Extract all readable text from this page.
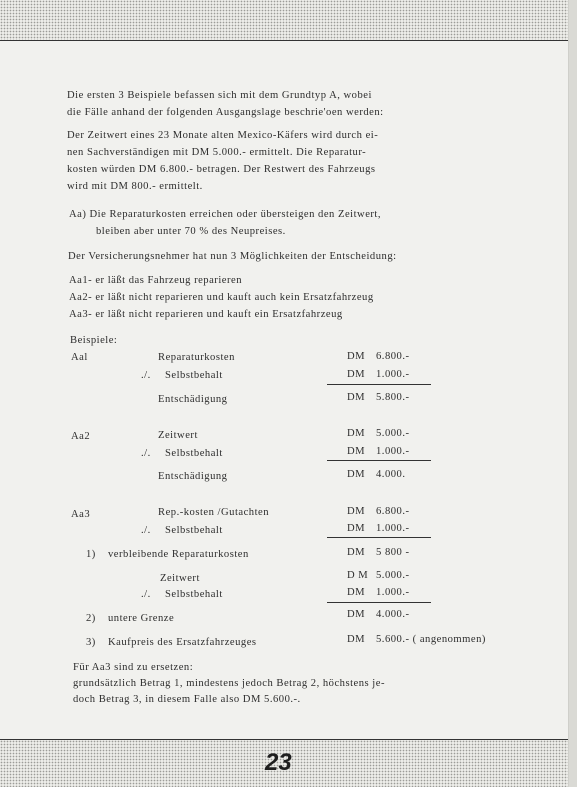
Die ersten 3 Beispiele befassen sich mit dem Grundtyp A, wobei
die Fälle anhand der folgenden Ausgangslage beschrie'oen werden:
Der Zeitwert eines 23 Monate alten Mexico-Käfers wird durch ei-
nen Sachverständigen mit DM 5.000.- ermittelt. Die Reparatur-
kosten würden DM 6.800.- betragen. Der Restwert des Fahrzeugs
wird mit DM 800.- ermittelt.
Aa) Die Reparaturkosten erreichen oder übersteigen den Zeitwert,
bleiben aber unter 70 % des Neupreises.
Der Versicherungsnehmer hat nun 3 Möglichkeiten der Entscheidung:
Aa1- er läßt das Fahrzeug reparieren
Aa2- er läßt nicht reparieren und kauft auch kein Ersatzfahrzeug
Aa3- er läßt nicht reparieren und kauft ein Ersatzfahrzeug
Beispiele:
Aal	Reparaturkosten	DM 6.800.-
./. Selbstbehalt	DM 1.000.-
Entschädigung	DM 5.800.-
Aa2	Zeitwert	DM 5.000.-
./. Selbstbehalt	DM 1.000.-
Entschädigung	DM 4.000.
Aa3	Rep.-kosten /Gutachten	DM 6.800.-
./. Selbstbehalt	DM 1.000.-
1) verbleibende Reparaturkosten	DM 5 800 -
Zeitwert	D M 5.000.-
./. Selbstbehalt	DM 1.000.-
2) untere Grenze	DM 4.000.-
3) Kaufpreis des Ersatzfahrzeuges	DM 5.600.- ( angenommen)
Für Aa3 sind zu ersetzen:
grundsätzlich Betrag 1, mindestens jedoch Betrag 2, höchstens je-
doch Betrag 3, in diesem Falle also DM 5.600.-.
23
